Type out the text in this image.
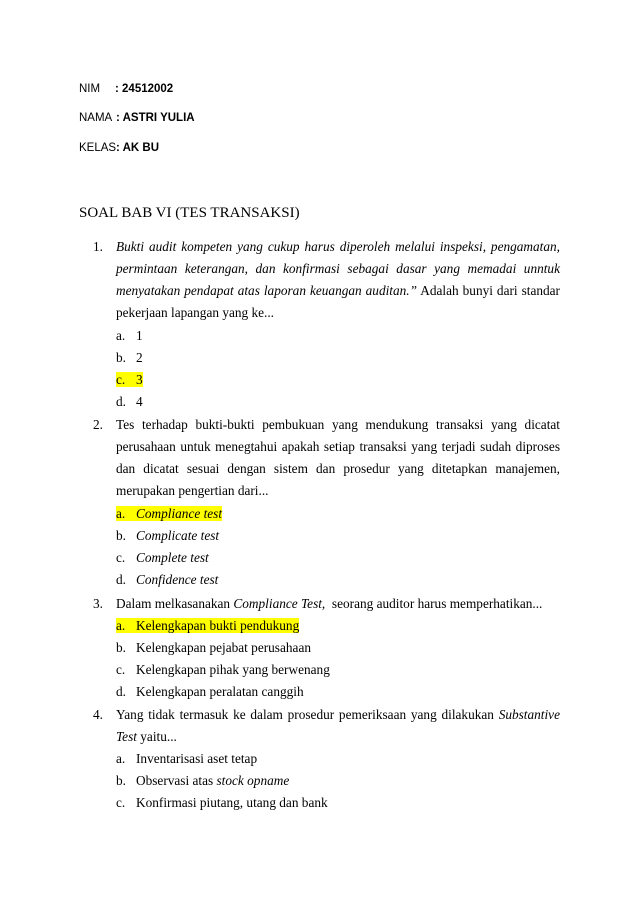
NIM : 24512002
NAMA : ASTRI YULIA
KELAS: AK BU
SOAL BAB VI (TES TRANSAKSI)
1. Bukti audit kompeten yang cukup harus diperoleh melalui inspeksi, pengamatan, permintaan keterangan, dan konfirmasi sebagai dasar yang memadai unntuk menyatakan pendapat atas laporan keuangan auditan.” Adalah bunyi dari standar pekerjaan lapangan yang ke...
a. 1
b. 2
c. 3
d. 4
2. Tes terhadap bukti-bukti pembukuan yang mendukung transaksi yang dicatat perusahaan untuk menegtahui apakah setiap transaksi yang terjadi sudah diproses dan dicatat sesuai dengan sistem dan prosedur yang ditetapkan manajemen, merupakan pengertian dari...
a. Compliance test
b. Complicate test
c. Complete test
d. Confidence test
3. Dalam melkasanakan Compliance Test,  seorang auditor harus memperhatikan...
a. Kelengkapan bukti pendukung
b. Kelengkapan pejabat perusahaan
c. Kelengkapan pihak yang berwenang
d. Kelengkapan peralatan canggih
4. Yang tidak termasuk ke dalam prosedur pemeriksaan yang dilakukan Substantive Test yaitu...
a. Inventarisasi aset tetap
b. Observasi atas stock opname
c. Konfirmasi piutang, utang dan bank
